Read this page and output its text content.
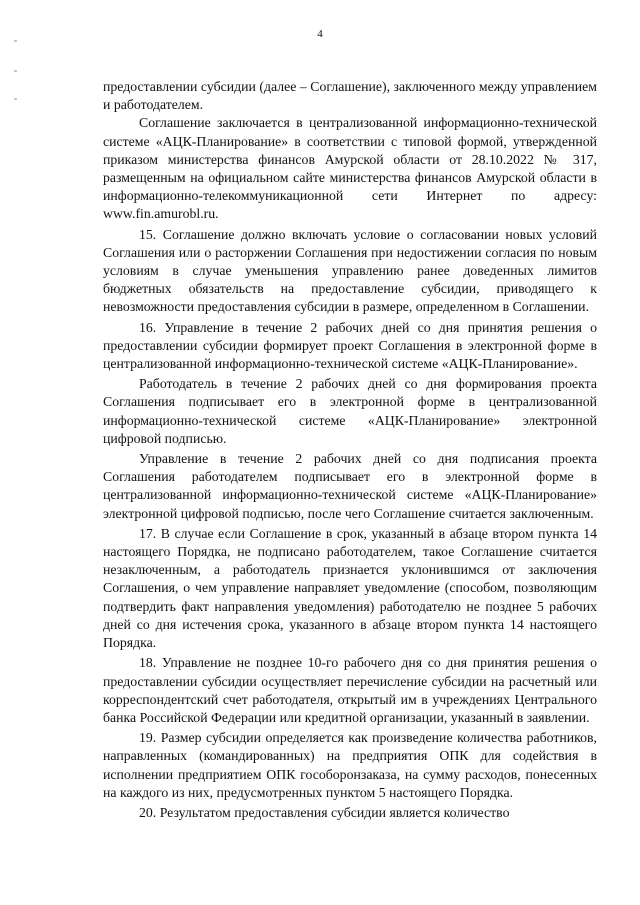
4

предоставлении субсидии (далее – Соглашение), заключенного между управлением и работодателем.

Соглашение заключается в централизованной информационно-технической системе «АЦК-Планирование» в соответствии с типовой формой, утвержденной приказом министерства финансов Амурской области от 28.10.2022 № 317, размещенным на официальном сайте министерства финансов Амурской области в информационно-телекоммуникационной сети Интернет по адресу: www.fin.amurobl.ru.

15. Соглашение должно включать условие о согласовании новых условий Соглашения или о расторжении Соглашения при недостижении согласия по новым условиям в случае уменьшения управлению ранее доведенных лимитов бюджетных обязательств на предоставление субсидии, приводящего к невозможности предоставления субсидии в размере, определенном в Соглашении.

16. Управление в течение 2 рабочих дней со дня принятия решения о предоставлении субсидии формирует проект Соглашения в электронной форме в централизованной информационно-технической системе «АЦК-Планирование».

Работодатель в течение 2 рабочих дней со дня формирования проекта Соглашения подписывает его в электронной форме в централизованной информационно-технической системе «АЦК-Планирование» электронной цифровой подписью.

Управление в течение 2 рабочих дней со дня подписания проекта Соглашения работодателем подписывает его в электронной форме в централизованной информационно-технической системе «АЦК-Планирование» электронной цифровой подписью, после чего Соглашение считается заключенным.

17. В случае если Соглашение в срок, указанный в абзаце втором пункта 14 настоящего Порядка, не подписано работодателем, такое Соглашение считается незаключенным, а работодатель признается уклонившимся от заключения Соглашения, о чем управление направляет уведомление (способом, позволяющим подтвердить факт направления уведомления) работодателю не позднее 5 рабочих дней со дня истечения срока, указанного в абзаце втором пункта 14 настоящего Порядка.

18. Управление не позднее 10-го рабочего дня со дня принятия решения о предоставлении субсидии осуществляет перечисление субсидии на расчетный или корреспондентский счет работодателя, открытый им в учреждениях Центрального банка Российской Федерации или кредитной организации, указанный в заявлении.

19. Размер субсидии определяется как произведение количества работников, направленных (командированных) на предприятия ОПК для содействия в исполнении предприятием ОПК гособоронзаказа, на сумму расходов, понесенных на каждого из них, предусмотренных пунктом 5 настоящего Порядка.

20. Результатом предоставления субсидии является количество
